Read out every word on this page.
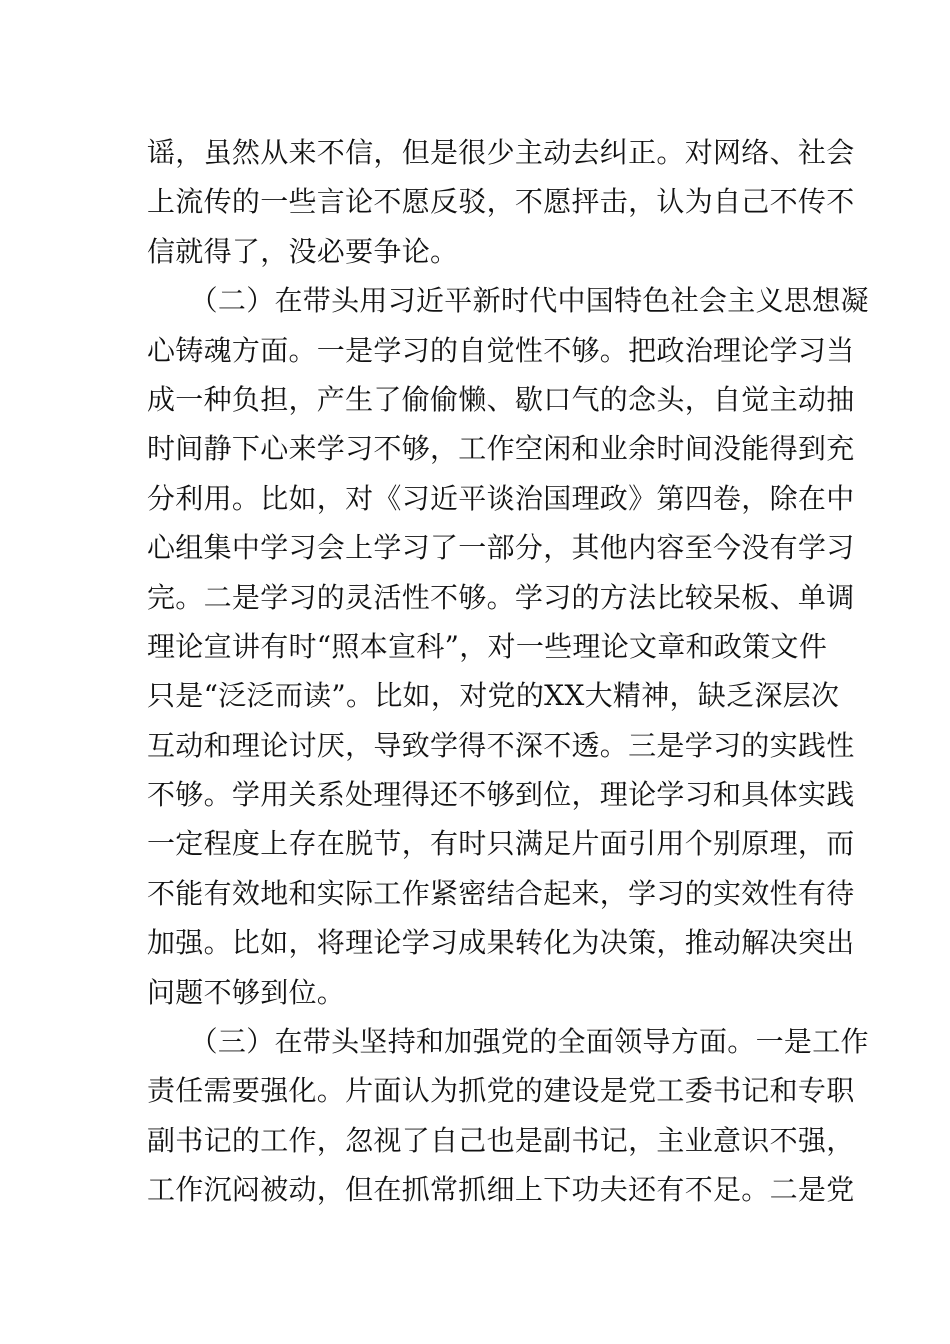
谣，虽然从来不信，但是很少主动去纠正。对网络、社会
上流传的一些言论不愿反驳，不愿抨击，认为自己不传不
信就得了，没必要争论。
　　（二）在带头用习近平新时代中国特色社会主义思想凝
心铸魂方面。一是学习的自觉性不够。把政治理论学习当
成一种负担，产生了偷偷懒、歇口气的念头，自觉主动抽
时间静下心来学习不够，工作空闲和业余时间没能得到充
分利用。比如，对《习近平谈治国理政》第四卷，除在中
心组集中学习会上学习了一部分，其他内容至今没有学习
完。二是学习的灵活性不够。学习的方法比较呆板、单调
理论宣讲有时“照本宣科”，对一些理论文章和政策文件
只是“泛泛而读”。比如，对党的XX大精神，缺乏深层次
互动和理论讨厌，导致学得不深不透。三是学习的实践性
不够。学用关系处理得还不够到位，理论学习和具体实践
一定程度上存在脱节，有时只满足片面引用个别原理，而
不能有效地和实际工作紧密结合起来，学习的实效性有待
加强。比如，将理论学习成果转化为决策，推动解决突出
问题不够到位。
　　（三）在带头坚持和加强党的全面领导方面。一是工作
责任需要强化。片面认为抓党的建设是党工委书记和专职
副书记的工作，忽视了自己也是副书记，主业意识不强，
工作沉闷被动，但在抓常抓细上下功夫还有不足。二是党
